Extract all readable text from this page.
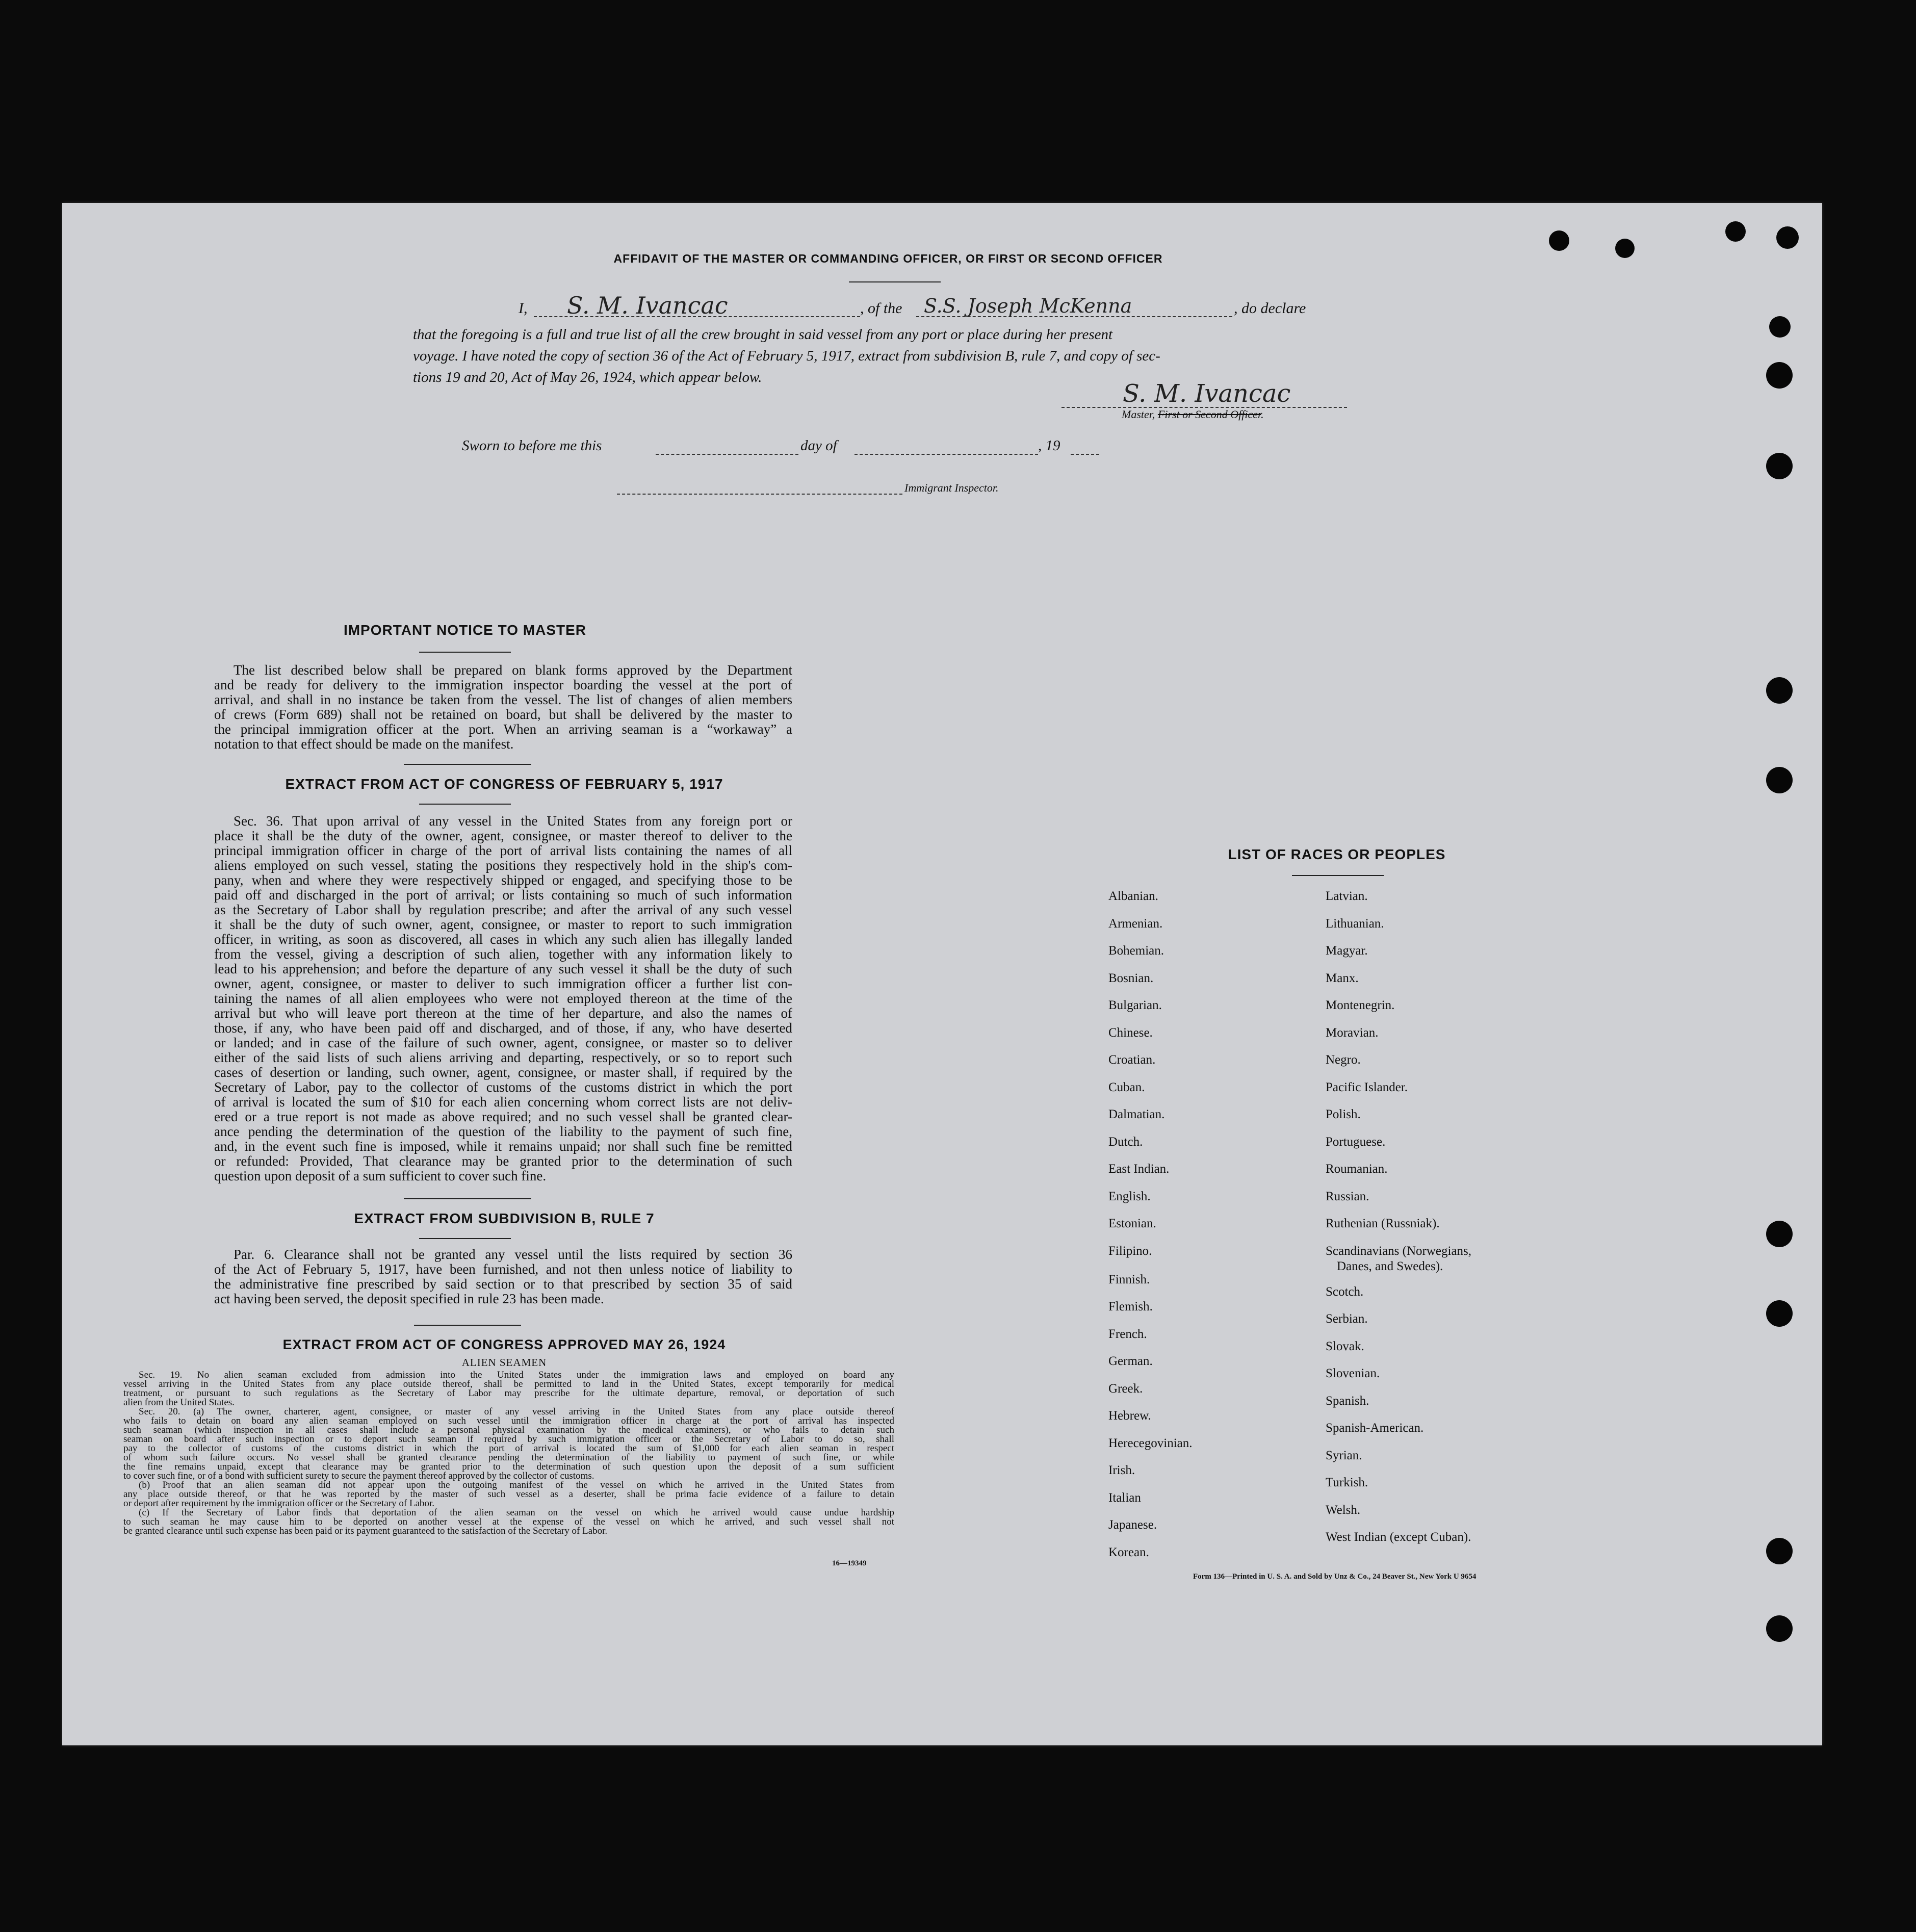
AFFIDAVIT OF THE MASTER OR COMMANDING OFFICER, OR FIRST OR SECOND OFFICER
I, S. M. Ivancac	, of the S.S. Joseph McKenna	, do declare
that the foregoing is a full and true list of all the crew brought in said vessel from any port or place during her present
voyage. I have noted the copy of section 36 of the Act of February 5, 1917, extract from subdivision B, rule 7, and copy of sec-
tions 19 and 20, Act of May 26, 1924, which appear below.
S. M. Ivancac
Master, First or Second Officer.
Sworn to before me this	day of	, 19
Immigrant Inspector.
IMPORTANT NOTICE TO MASTER
The list described below shall be prepared on blank forms approved by the Department
and be ready for delivery to the immigration inspector boarding the vessel at the port of
arrival, and shall in no instance be taken from the vessel. The list of changes of alien members
of crews (Form 689) shall not be retained on board, but shall be delivered by the master to
the principal immigration officer at the port. When an arriving seaman is a “workaway” a
notation to that effect should be made on the manifest.
EXTRACT FROM ACT OF CONGRESS OF FEBRUARY 5, 1917
Sec. 36. That upon arrival of any vessel in the United States from any foreign port or
place it shall be the duty of the owner, agent, consignee, or master thereof to deliver to the
principal immigration officer in charge of the port of arrival lists containing the names of all
aliens employed on such vessel, stating the positions they respectively hold in the ship's com-
pany, when and where they were respectively shipped or engaged, and specifying those to be
paid off and discharged in the port of arrival; or lists containing so much of such information
as the Secretary of Labor shall by regulation prescribe; and after the arrival of any such vessel
it shall be the duty of such owner, agent, consignee, or master to report to such immigration
officer, in writing, as soon as discovered, all cases in which any such alien has illegally landed
from the vessel, giving a description of such alien, together with any information likely to
lead to his apprehension; and before the departure of any such vessel it shall be the duty of such
owner, agent, consignee, or master to deliver to such immigration officer a further list con-
taining the names of all alien employees who were not employed thereon at the time of the
arrival but who will leave port thereon at the time of her departure, and also the names of
those, if any, who have been paid off and discharged, and of those, if any, who have deserted
or landed; and in case of the failure of such owner, agent, consignee, or master so to deliver
either of the said lists of such aliens arriving and departing, respectively, or so to report such
cases of desertion or landing, such owner, agent, consignee, or master shall, if required by the
Secretary of Labor, pay to the collector of customs of the customs district in which the port
of arrival is located the sum of $10 for each alien concerning whom correct lists are not deliv-
ered or a true report is not made as above required; and no such vessel shall be granted clear-
ance pending the determination of the question of the liability to the payment of such fine,
and, in the event such fine is imposed, while it remains unpaid; nor shall such fine be remitted
or refunded: Provided, That clearance may be granted prior to the determination of such
question upon deposit of a sum sufficient to cover such fine.
EXTRACT FROM SUBDIVISION B, RULE 7
Par. 6. Clearance shall not be granted any vessel until the lists required by section 36
of the Act of February 5, 1917, have been furnished, and not then unless notice of liability to
the administrative fine prescribed by said section or to that prescribed by section 35 of said
act having been served, the deposit specified in rule 23 has been made.
EXTRACT FROM ACT OF CONGRESS APPROVED MAY 26, 1924
ALIEN SEAMEN
Sec. 19. No alien seaman excluded from admission into the United States under the immigration laws and employed on board any
vessel arriving in the United States from any place outside thereof, shall be permitted to land in the United States, except temporarily for medical
treatment, or pursuant to such regulations as the Secretary of Labor may prescribe for the ultimate departure, removal, or deportation of such
alien from the United States.
Sec. 20. (a) The owner, charterer, agent, consignee, or master of any vessel arriving in the United States from any place outside thereof
who fails to detain on board any alien seaman employed on such vessel until the immigration officer in charge at the port of arrival has inspected
such seaman (which inspection in all cases shall include a personal physical examination by the medical examiners), or who fails to detain such
seaman on board after such inspection or to deport such seaman if required by such immigration officer or the Secretary of Labor to do so, shall
pay to the collector of customs of the customs district in which the port of arrival is located the sum of $1,000 for each alien seaman in respect
of whom such failure occurs. No vessel shall be granted clearance pending the determination of the liability to payment of such fine, or while
the fine remains unpaid, except that clearance may be granted prior to the determination of such question upon the deposit of a sum sufficient
to cover such fine, or of a bond with sufficient surety to secure the payment thereof approved by the collector of customs.
(b) Proof that an alien seaman did not appear upon the outgoing manifest of the vessel on which he arrived in the United States from
any place outside thereof, or that he was reported by the master of such vessel as a deserter, shall be prima facie evidence of a failure to detain
or deport after requirement by the immigration officer or the Secretary of Labor.
(c) If the Secretary of Labor finds that deportation of the alien seaman on the vessel on which he arrived would cause undue hardship
to such seaman he may cause him to be deported on another vessel at the expense of the vessel on which he arrived, and such vessel shall not
be granted clearance until such expense has been paid or its payment guaranteed to the satisfaction of the Secretary of Labor.
16—19349
LIST OF RACES OR PEOPLES
Albanian.
Armenian.
Bohemian.
Bosnian.
Bulgarian.
Chinese.
Croatian.
Cuban.
Dalmatian.
Dutch.
East Indian.
English.
Estonian.
Filipino.
Finnish.
Flemish.
French.
German.
Greek.
Hebrew.
Herecegovinian.
Irish.
Italian
Japanese.
Korean.
Latvian.
Lithuanian.
Magyar.
Manx.
Montenegrin.
Moravian.
Negro.
Pacific Islander.
Polish.
Portuguese.
Roumanian.
Russian.
Ruthenian (Russniak).
Scandinavians (Norwegians,
Danes, and Swedes).
Scotch.
Serbian.
Slovak.
Slovenian.
Spanish.
Spanish-American.
Syrian.
Turkish.
Welsh.
West Indian (except Cuban).
Form 136—Printed in U. S. A. and Sold by Unz & Co., 24 Beaver St., New York U 9654
